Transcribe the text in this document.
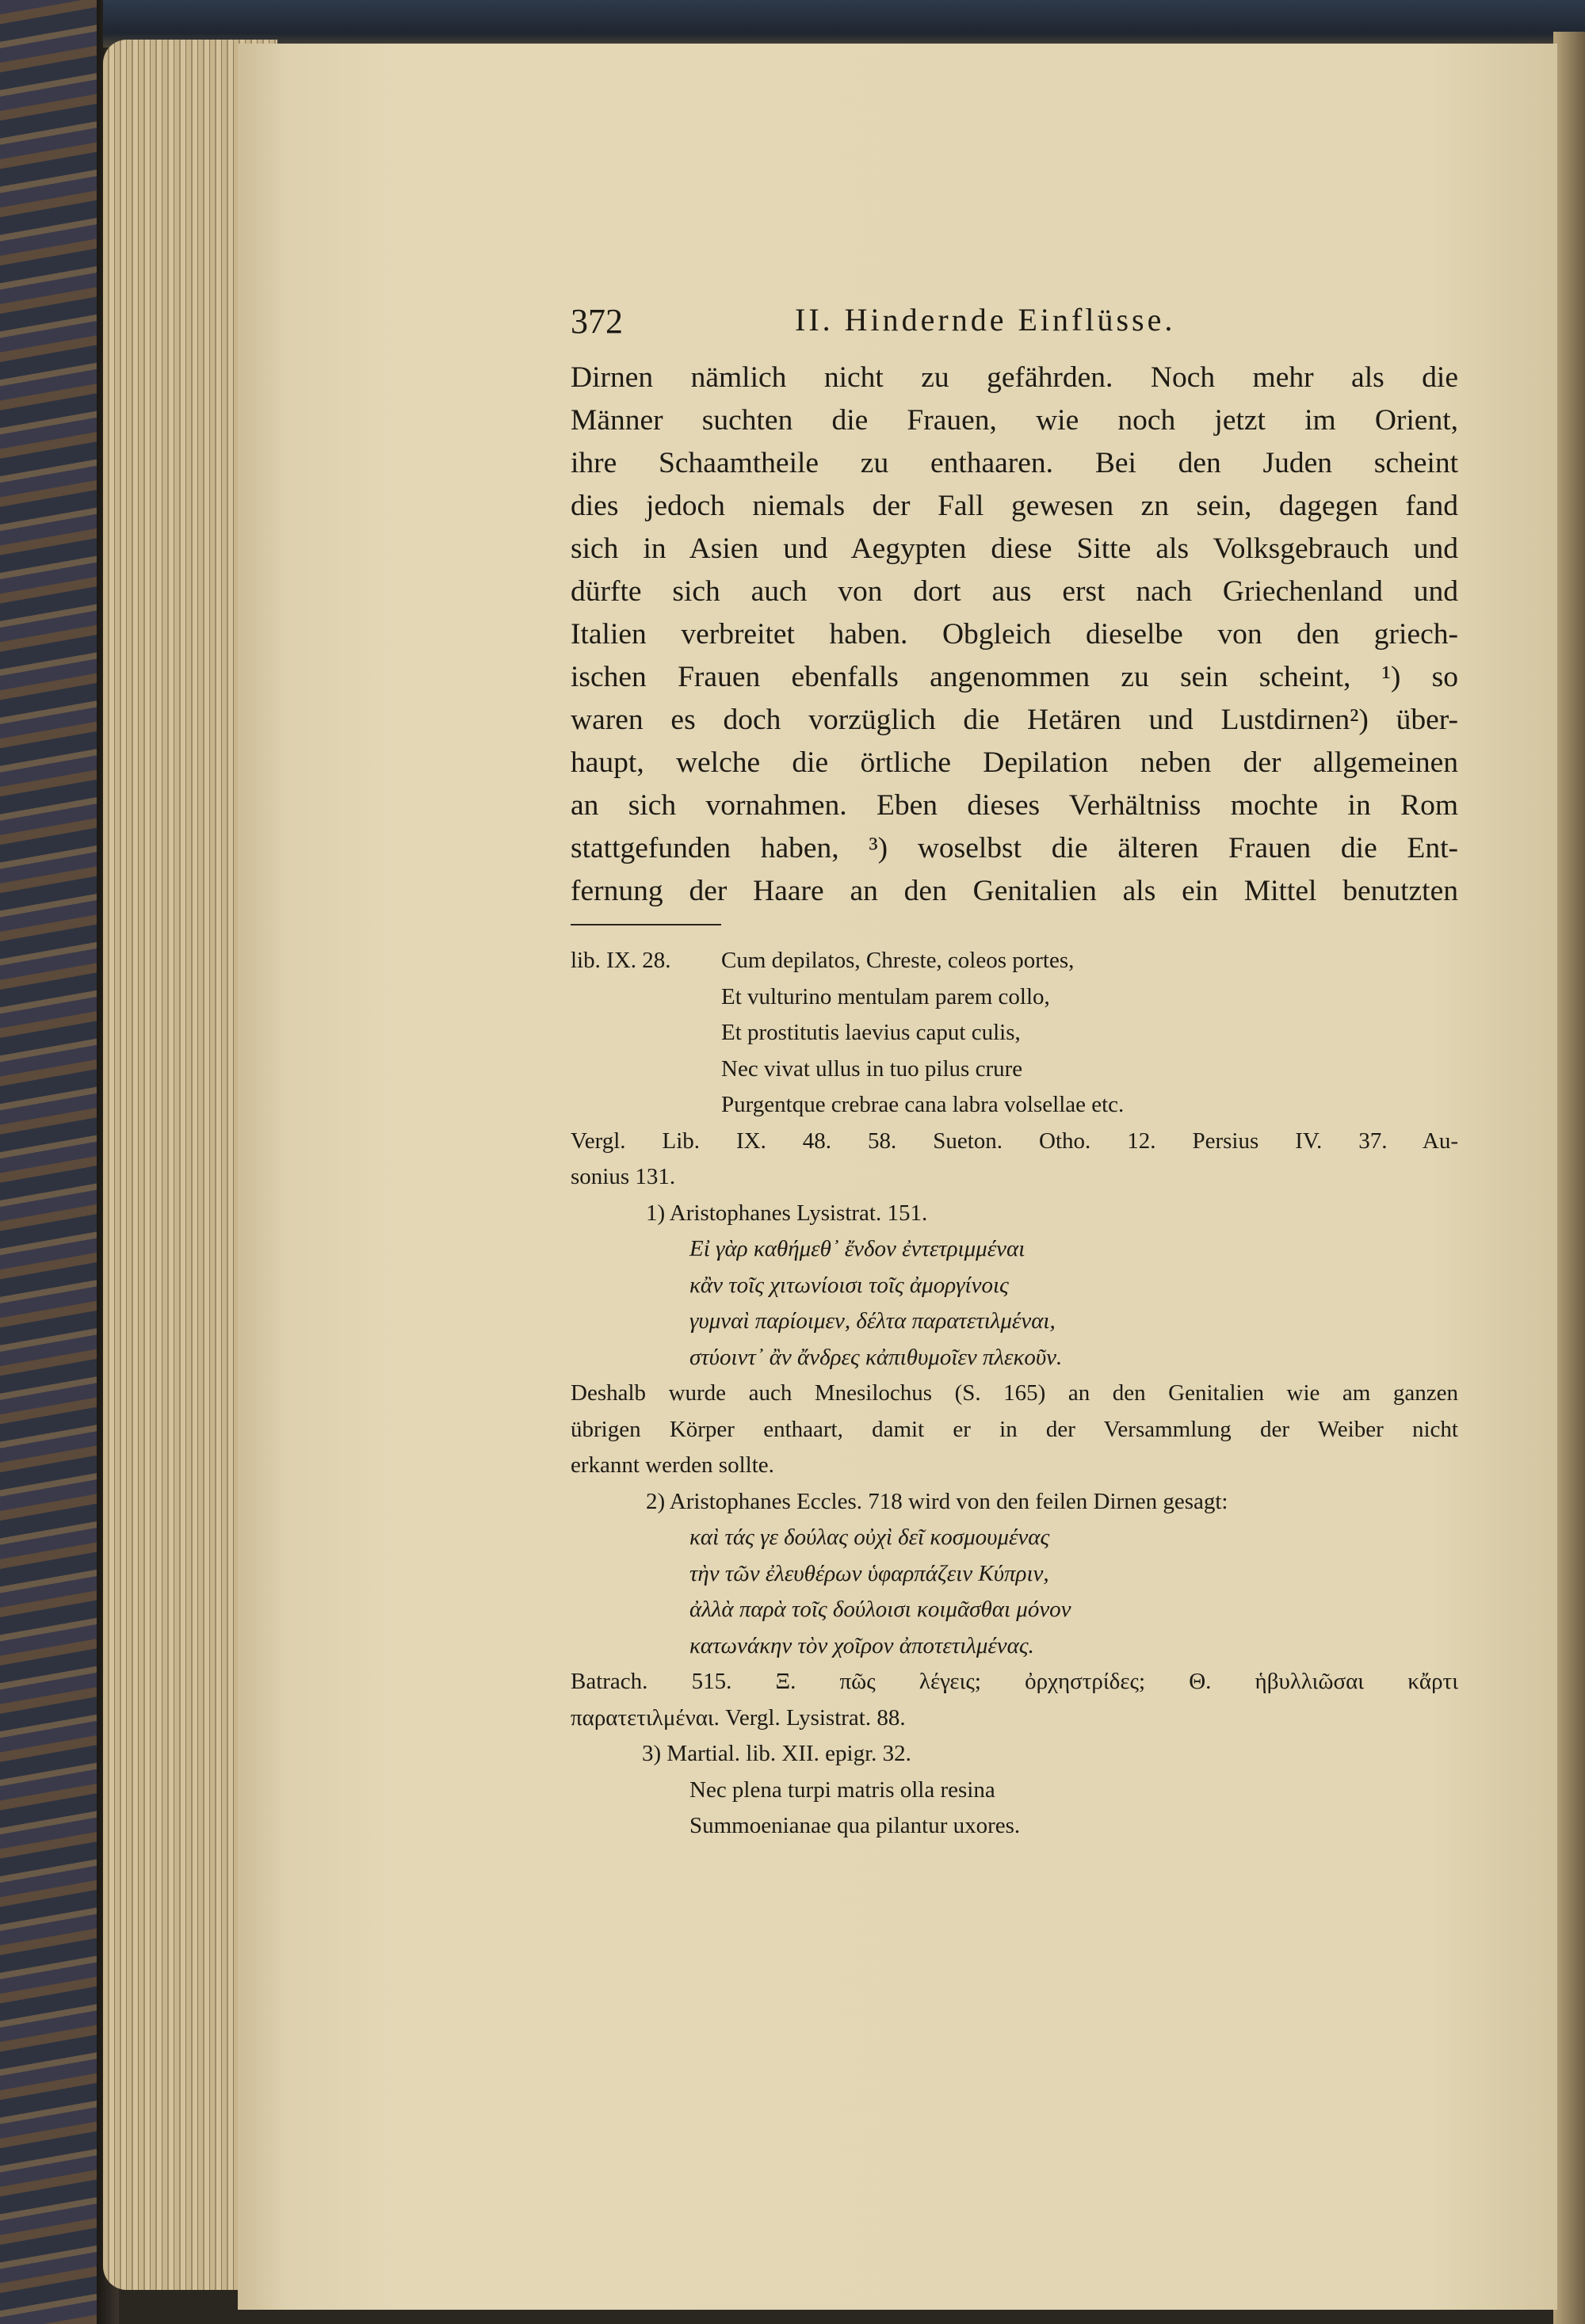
372	II. Hindernde Einflüsse.

Dirnen nämlich nicht zu gefährden. Noch mehr als die

Männer suchten die Frauen, wie noch jetzt im Orient,

ihre Schaamtheile zu enthaaren. Bei den Juden scheint

dies jedoch niemals der Fall gewesen zn sein, dagegen fand

sich in Asien und Aegypten diese Sitte als Volksgebrauch und

dürfte sich auch von dort aus erst nach Griechenland und

Italien verbreitet haben. Obgleich dieselbe von den griech-

ischen Frauen ebenfalls angenommen zu sein scheint, ¹) so

waren es doch vorzüglich die Hetären und Lustdirnen²) über-

haupt, welche die örtliche Depilation neben der allgemeinen

an sich vornahmen. Eben dieses Verhältniss mochte in Rom

stattgefunden haben, ³) woselbst die älteren Frauen die Ent-

fernung der Haare an den Genitalien als ein Mittel benutzten

lib. IX. 28. Cum depilatos, Chreste, coleos portes,
Et vulturino mentulam parem collo,
Et prostitutis laevius caput culis,
Nec vivat ullus in tuo pilus crure
Purgentque crebrae cana labra volsellae etc.
Vergl. Lib. IX. 48. 58. Sueton. Otho. 12. Persius IV. 37. Au-
sonius 131.
1) Aristophanes Lysistrat. 151.
Εἰ γὰρ καθήμεθ᾽ ἔνδον ἐντετριμμέναι
κἂν τοῖς χιτωνίοισι τοῖς ἀμοργίνοις
γυμναὶ παρίοιμεν, δέλτα παρατετιλμέναι,
στύοιντ᾽ ἂν ἄνδρες κἀπιθυμοῖεν πλεκοῦν.
Deshalb wurde auch Mnesilochus (S. 165) an den Genitalien wie am ganzen
übrigen Körper enthaart, damit er in der Versammlung der Weiber nicht
erkannt werden sollte.
2) Aristophanes Eccles. 718 wird von den feilen Dirnen gesagt:
καὶ τάς γε δούλας οὐχὶ δεῖ κοσμουμένας
τὴν τῶν ἐλευθέρων ὑφαρπάζειν Κύπριν,
ἀλλὰ παρὰ τοῖς δούλοισι κοιμᾶσθαι μόνον
κατωνάκην τὸν χοῖρον ἀποτετιλμένας.
Batrach. 515. Ξ. πῶς λέγεις; ὀρχηστρίδες; Θ. ἡβυλλιῶσαι κἄρτι
παρατετιλμέναι. Vergl. Lysistrat. 88.
3) Martial. lib. XII. epigr. 32.
Nec plena turpi matris olla resina
Summoenianae qua pilantur uxores.
